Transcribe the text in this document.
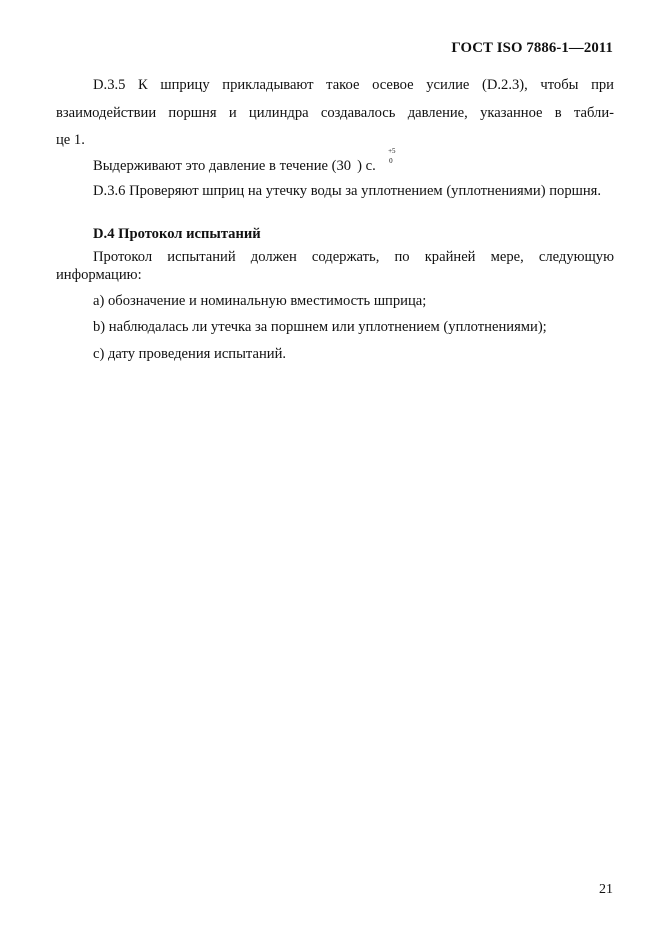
ГОСТ ISO 7886-1—2011
D.3.5 К шприцу прикладывают такое осевое усилие (D.2.3), чтобы при
взаимодействии поршня и цилиндра создавалось давление, указанное в табли-
це 1.
Выдерживают это давление в течение (30
+5
0
) с.
D.3.6 Проверяют шприц на утечку воды за уплотнением (уплотнениями) поршня.
D.4 Протокол испытаний
Протокол испытаний должен содержать, по крайней мере, следующую информацию:
а) обозначение и номинальную вместимость шприца;
b) наблюдалась ли утечка за поршнем или уплотнением (уплотнениями);
с) дату проведения испытаний.
21
